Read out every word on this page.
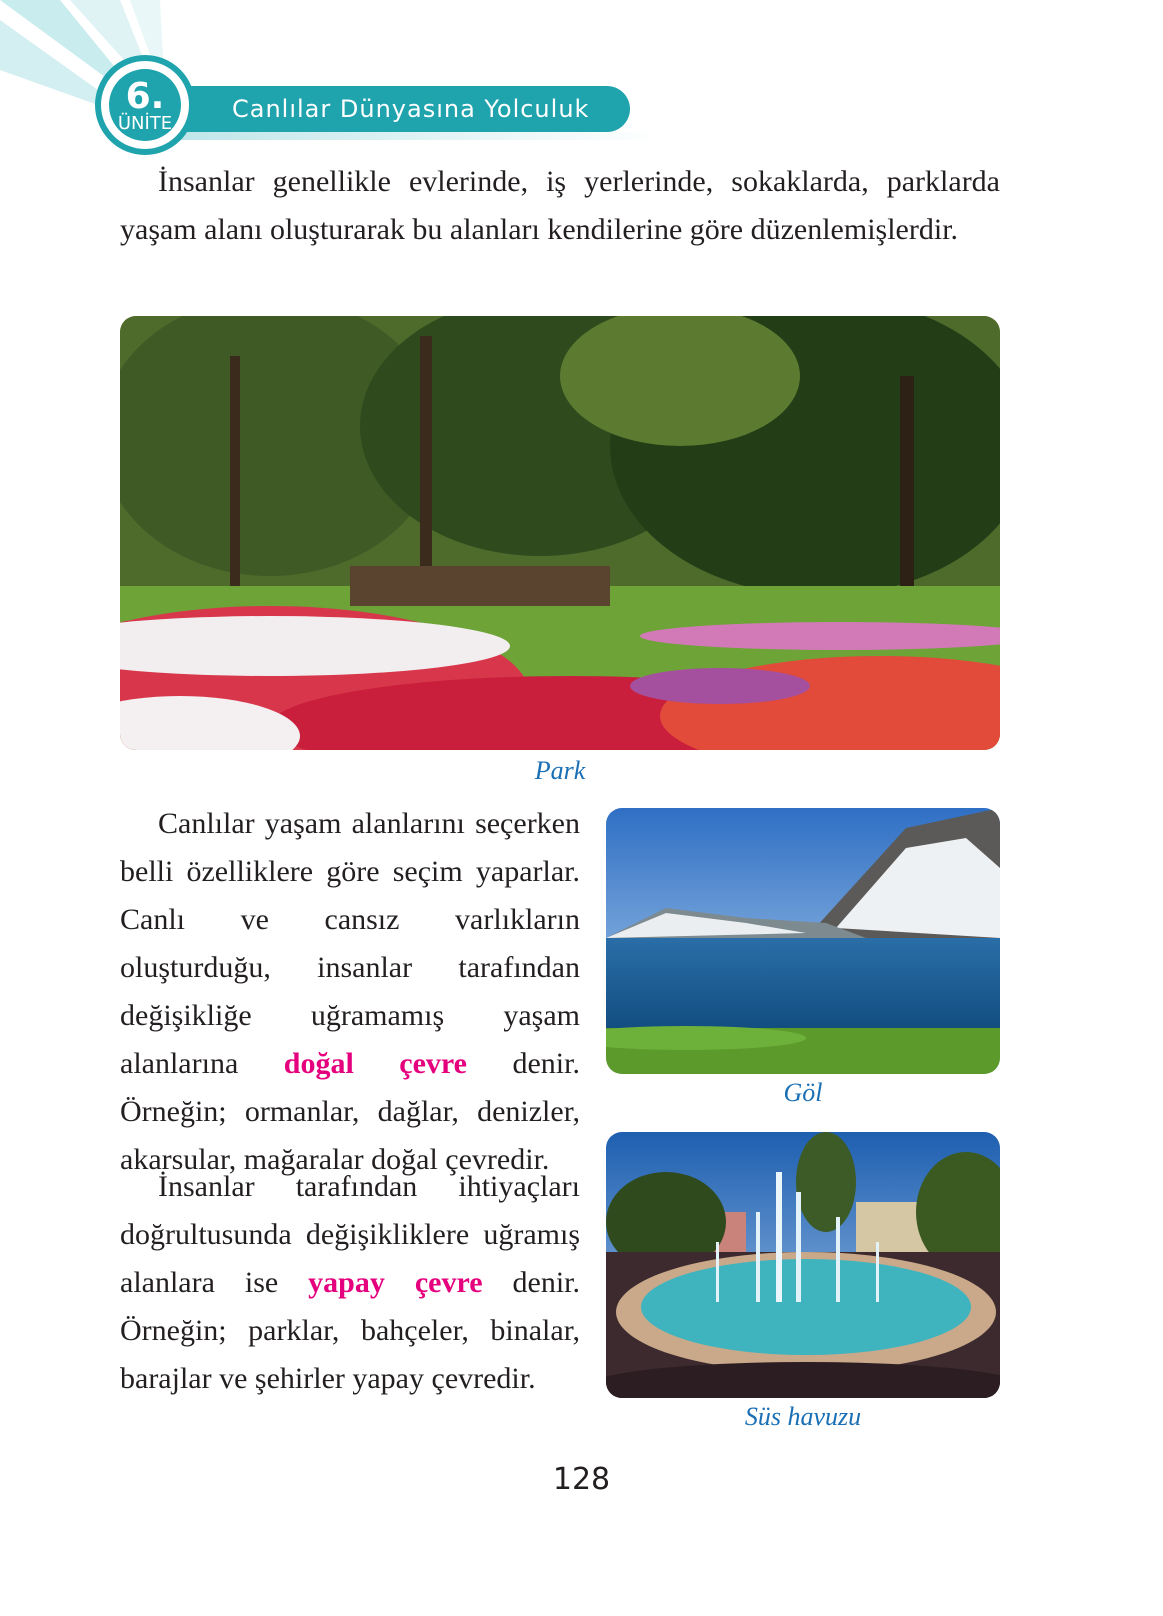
Canlılar Dünyasına Yolculuk
6.
ÜNİTE
İnsanlar genellikle evlerinde, iş yerlerinde, sokaklarda, parklarda yaşam alanı oluşturarak bu alanları kendilerine göre düzenlemişlerdir.
Park
Canlılar yaşam alanlarını seçerken belli özelliklere göre seçim yaparlar. Canlı ve cansız varlıkların oluşturduğu, insanlar tarafından değişikliğe uğramamış yaşam alanlarına doğal çevre denir. Örneğin; ormanlar, dağlar, denizler, akarsular, mağaralar doğal çevredir.
Göl
İnsanlar tarafından ihtiyaçları doğrultusunda değişikliklere uğramış alanlara ise yapay çevre denir. Örneğin; parklar, bahçeler, binalar, barajlar ve şehirler yapay çevredir.
Süs havuzu
128
